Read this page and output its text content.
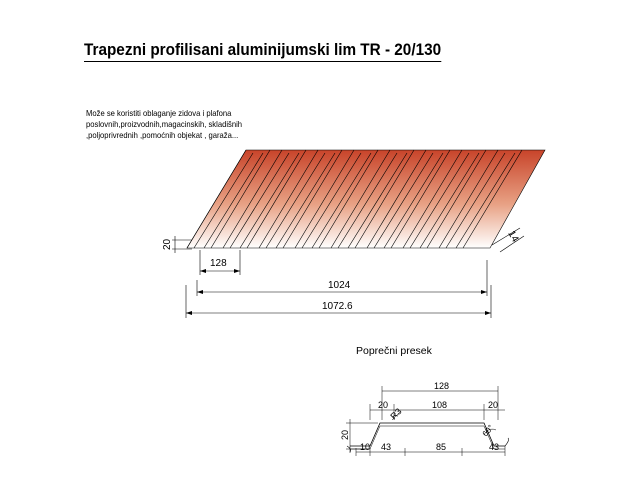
Trapezni profilisani aluminijumski lim TR - 20/130
Može se koristiti oblaganje zidova i plafona
poslovnih,proizvodnih,magacinskih, skladišnih
,poljoprivrednih ,pomoćnih objekat , garaža...
Poprečni presek
20
128
1024
1072.6
14
128
20	108	20
R3
60°
20
10 43	85	43
